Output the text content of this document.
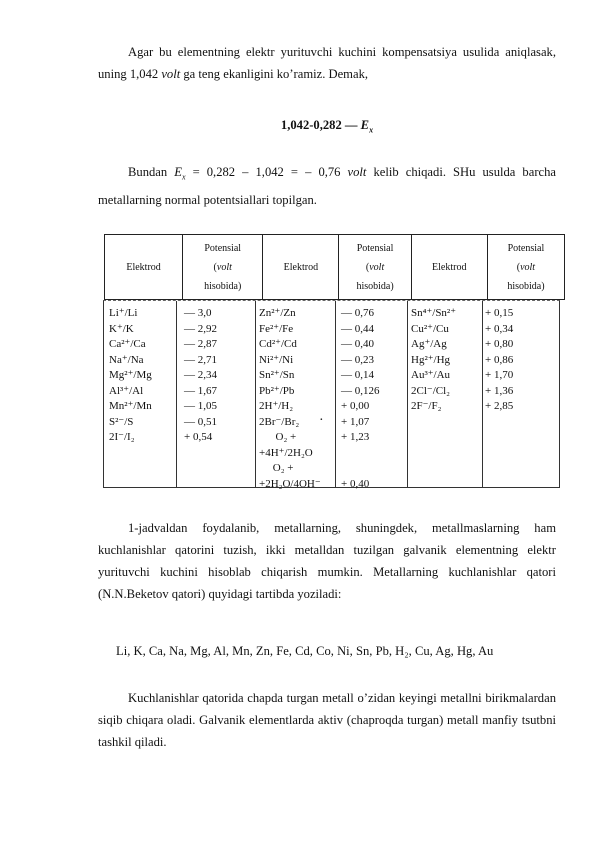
Agar bu elementning elektr yurituvchi kuchini kompensatsiya usulida aniqlasak, uning 1,042 volt ga teng ekanligini ko’ramiz. Demak,
1,042-0,282 — $E_x$
Bundan $E_x = 0,282 - 1,042$ = – 0,76 volt kelib chiqadi. SHu usulda barcha metallarning normal potentsiallari topilgan.
Elektrod
Potensial
(volt
hisobida)
Elektrod
Potensial
(volt
hisobida)
Elektrod
Potensial
(volt
hisobida)
Li⁺/Li
K⁺/K
Ca²⁺/Ca
Na⁺/Na
Mg²⁺/Mg
Al³⁺/Al
Mn²⁺/Mn
S²⁻/S
2I⁻/I₂
— 3,0
— 2,92
— 2,87
— 2,71
— 2,34
— 1,67
— 1,05
— 0,51
+ 0,54
Zn²⁺/Zn
Fe²⁺/Fe
Cd²⁺/Cd
Ni²⁺/Ni
Sn²⁺/Sn
Pb²⁺/Pb
2H⁺/H₂
2Br⁻/Br₂
O₂ +
+4H⁺/2H₂O
O₂ +
+2H₂O/4OH⁻
— 0,76
— 0,44
— 0,40
— 0,23
— 0,14
— 0,126
+ 0,00
+ 1,07
+ 1,23

+ 0,40
Sn⁴⁺/Sn²⁺
Cu²⁺/Cu
Ag⁺/Ag
Hg²⁺/Hg
Au³⁺/Au
2Cl⁻/Cl₂
2F⁻/F₂
+ 0,15
+ 0,34
+ 0,80
+ 0,86
+ 1,70
+ 1,36
+ 2,85
·
1-jadvaldan foydalanib, metallarning, shuningdek, metallmaslarning ham kuchlanishlar qatorini tuzish, ikki metalldan tuzilgan galvanik elementning elektr yurituvchi kuchini hisoblab chiqarish mumkin. Metallarning kuchlanishlar qatori (N.N.Beketov qatori) quyidagi tartibda yoziladi:
Li, K, Ca, Na, Mg, Al, Mn, Zn, Fe, Cd, Co, Ni, Sn, Pb, H₂, Cu, Ag, Hg, Au
Kuchlanishlar qatorida chapda turgan metall o’zidan keyingi metallni birikmalardan siqib chiqara oladi. Galvanik elementlarda aktiv (chaproqda turgan) metall manfiy tsutbni tashkil qiladi.
